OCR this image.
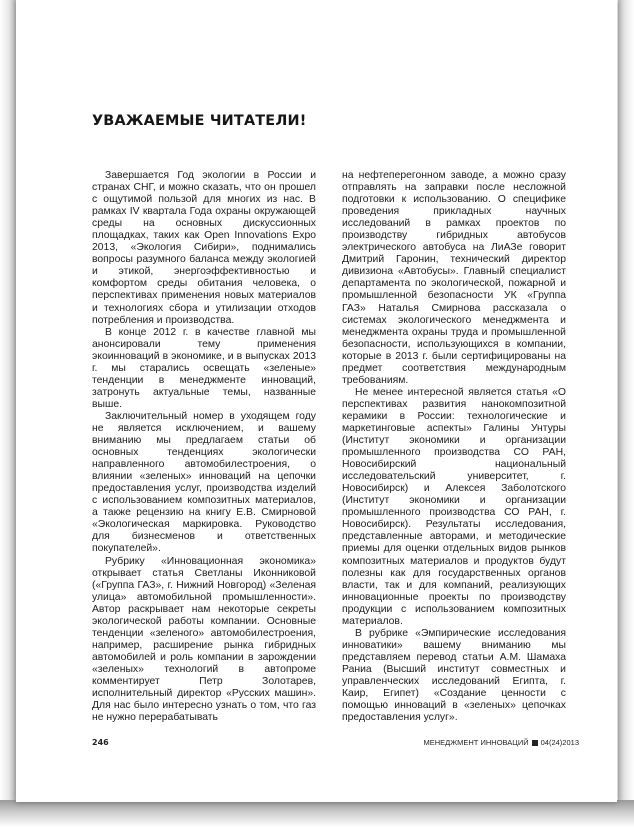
УВАЖАЕМЫЕ ЧИТАТЕЛИ!

Завершается Год экологии в России и странах СНГ, и можно сказать, что он прошел с ощутимой пользой для многих из нас. В рамках IV квартала Года охраны окружающей среды на основных дискуссионных площадках, таких как Open Innovations Expo 2013, «Экология Сибири», поднимались вопросы разумного баланса между экологией и этикой, энергоэффективностью и комфортом среды обитания человека, о перспективах применения новых материалов и технологиях сбора и утилизации отходов потребления и производства.

В конце 2012 г. в качестве главной мы анонсировали тему применения экоинноваций в экономике, и в выпусках 2013 г. мы старались освещать «зеленые» тенденции в менеджменте инноваций, затронуть актуальные темы, названные выше.

Заключительный номер в уходящем году не является исключением, и вашему вниманию мы предлагаем статьи об основных тенденциях экологически направленного автомобилестроения, о влиянии «зеленых» инноваций на цепочки предоставления услуг, производства изделий с использованием композитных материалов, а также рецензию на книгу Е.В. Смирновой «Экологическая маркировка. Руководство для бизнесменов и ответственных покупателей».

Рубрику «Инновационная экономика» открывает статья Светланы Иконниковой («Группа ГАЗ», г. Нижний Новгород) «Зеленая улица» автомобильной промышленности». Автор раскрывает нам некоторые секреты экологической работы компании. Основные тенденции «зеленого» автомобилестроения, например, расширение рынка гибридных автомобилей и роль компании в зарождении «зеленых» технологий в автопроме комментирует Петр Золотарев, исполнительный директор «Русских машин». Для нас было интересно узнать о том, что газ не нужно перерабатывать

на нефтеперегонном заводе, а можно сразу отправлять на заправки после несложной подготовки к использованию. О специфике проведения прикладных научных исследований в рамках проектов по производству гибридных автобусов электрического автобуса на ЛиАЗе говорит Дмитрий Гаронин, технический директор дивизиона «Автобусы». Главный специалист департамента по экологической, пожарной и промышленной безопасности УК «Группа ГАЗ» Наталья Смирнова рассказала о системах экологического менеджмента и менеджмента охраны труда и промышленной безопасности, использующихся в компании, которые в 2013 г. были сертифицированы на предмет соответствия международным требованиям.

Не менее интересной является статья «О перспективах развития нанокомпозитной керамики в России: технологические и маркетинговые аспекты» Галины Унтуры (Институт экономики и организации промышленного производства СО РАН, Новосибирский национальный исследовательский университет, г. Новосибирск) и Алексея Заболотского (Институт экономики и организации промышленного производства СО РАН, г. Новосибирск). Результаты исследования, представленные авторами, и методические приемы для оценки отдельных видов рынков композитных материалов и продуктов будут полезны как для государственных органов власти, так и для компаний, реализующих инновационные проекты по производству продукции с использованием композитных материалов.

В рубрике «Эмпирические исследования инноватики» вашему вниманию мы представляем перевод статьи А.М. Шамаха Раниа (Высший институт совместных и управленческих исследований Египта, г. Каир, Египет) «Создание ценности с помощью инноваций в «зеленых» цепочках предоставления услуг».

246	МЕНЕДЖМЕНТ ИННОВАЦИЙ 04(24)2013
